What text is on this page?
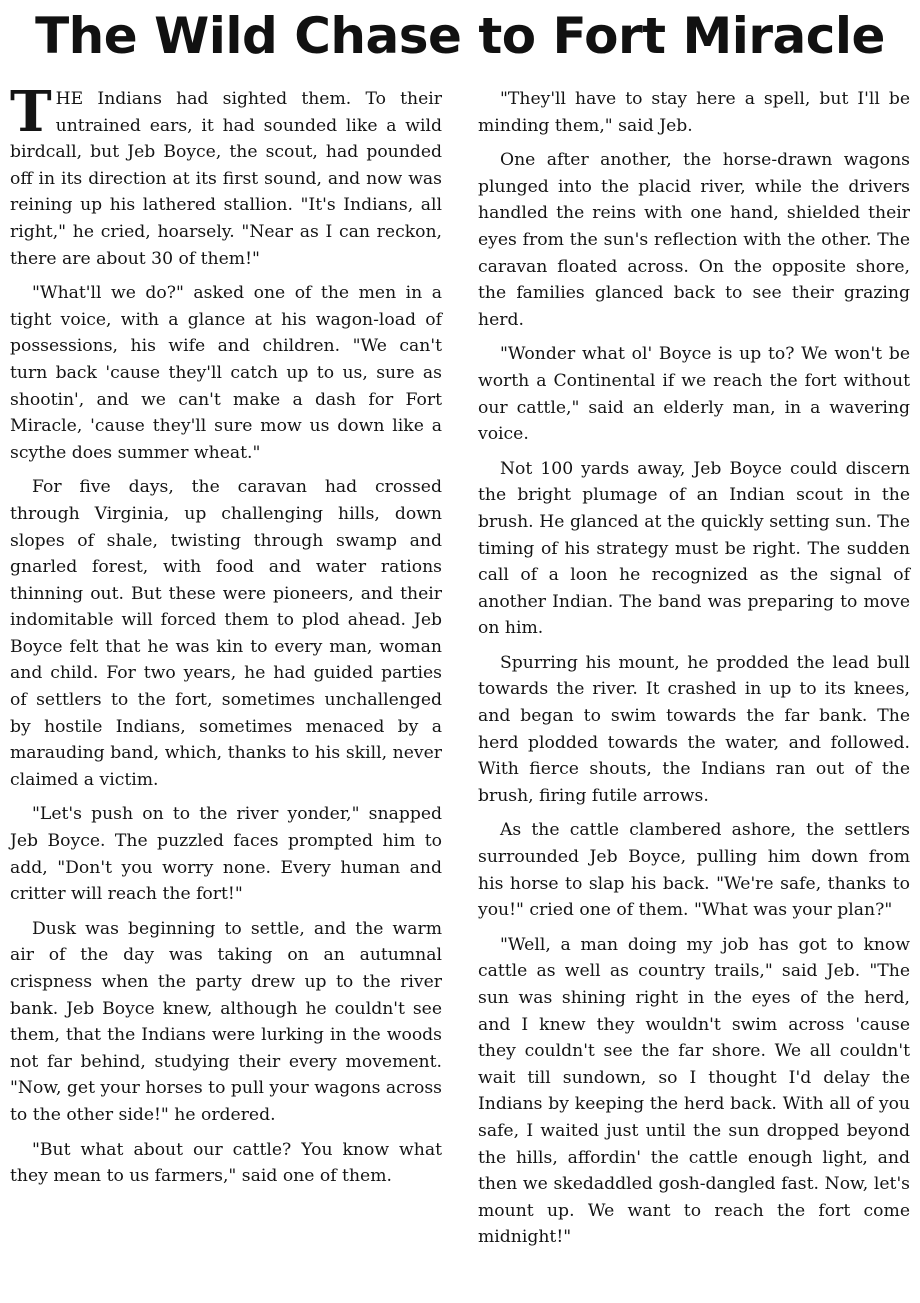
The Wild Chase to Fort Miracle

THE Indians had sighted them. To their untrained ears, it had sounded like a wild birdcall, but Jeb Boyce, the scout, had pounded off in its direction at its first sound, and now was reining up his lathered stallion. "It's Indians, all right," he cried, hoarsely. "Near as I can reckon, there are about 30 of them!"

"What'll we do?" asked one of the men in a tight voice, with a glance at his wagon-load of possessions, his wife and children. "We can't turn back 'cause they'll catch up to us, sure as shootin', and we can't make a dash for Fort Miracle, 'cause they'll sure mow us down like a scythe does summer wheat."

For five days, the caravan had crossed through Virginia, up challenging hills, down slopes of shale, twisting through swamp and gnarled forest, with food and water rations thinning out. But these were pioneers, and their indomitable will forced them to plod ahead. Jeb Boyce felt that he was kin to every man, woman and child. For two years, he had guided parties of settlers to the fort, sometimes unchallenged by hostile Indians, sometimes menaced by a marauding band, which, thanks to his skill, never claimed a victim.

"Let's push on to the river yonder," snapped Jeb Boyce. The puzzled faces prompted him to add, "Don't you worry none. Every human and critter will reach the fort!"

Dusk was beginning to settle, and the warm air of the day was taking on an autumnal crispness when the party drew up to the river bank. Jeb Boyce knew, although he couldn't see them, that the Indians were lurking in the woods not far behind, studying their every movement. "Now, get your horses to pull your wagons across to the other side!" he ordered.

"But what about our cattle? You know what they mean to us farmers," said one of them.

"They'll have to stay here a spell, but I'll be minding them," said Jeb.

One after another, the horse-drawn wagons plunged into the placid river, while the drivers handled the reins with one hand, shielded their eyes from the sun's reflection with the other. The caravan floated across. On the opposite shore, the families glanced back to see their grazing herd.

"Wonder what ol' Boyce is up to? We won't be worth a Continental if we reach the fort without our cattle," said an elderly man, in a wavering voice.

Not 100 yards away, Jeb Boyce could discern the bright plumage of an Indian scout in the brush. He glanced at the quickly setting sun. The timing of his strategy must be right. The sudden call of a loon he recognized as the signal of another Indian. The band was preparing to move on him.

Spurring his mount, he prodded the lead bull towards the river. It crashed in up to its knees, and began to swim towards the far bank. The herd plodded towards the water, and followed. With fierce shouts, the Indians ran out of the brush, firing futile arrows.

As the cattle clambered ashore, the settlers surrounded Jeb Boyce, pulling him down from his horse to slap his back. "We're safe, thanks to you!" cried one of them. "What was your plan?"

"Well, a man doing my job has got to know cattle as well as country trails," said Jeb. "The sun was shining right in the eyes of the herd, and I knew they wouldn't swim across 'cause they couldn't see the far shore. We all couldn't wait till sundown, so I thought I'd delay the Indians by keeping the herd back. With all of you safe, I waited just until the sun dropped beyond the hills, affordin' the cattle enough light, and then we skedaddled gosh-dangled fast. Now, let's mount up. We want to reach the fort come midnight!"
